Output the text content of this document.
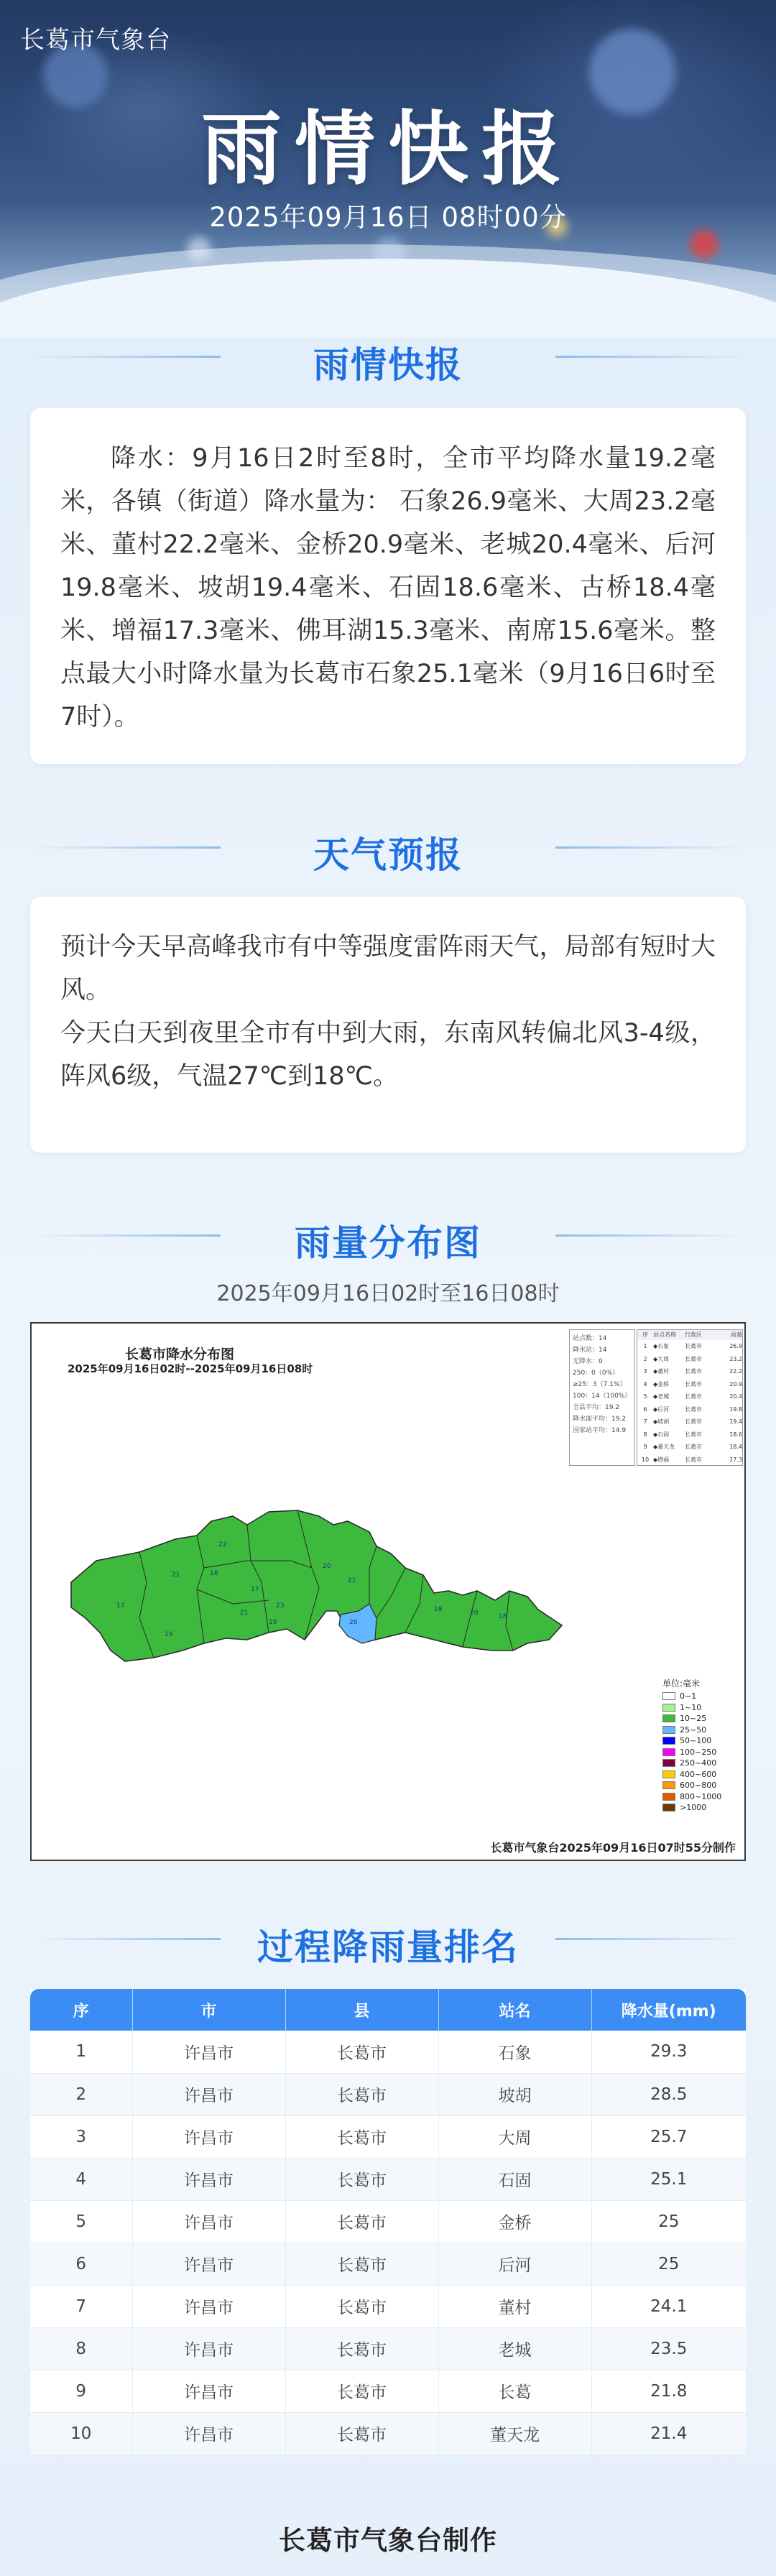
长葛市气象台
雨情快报
2025年09月16日 08时00分
雨情快报

降水：9月16日2时至8时，全市平均降水量19.2毫米，各镇（街道）降水量为： 石象26.9毫米、大周23.2毫米、董村22.2毫米、金桥20.9毫米、老城20.4毫米、后河19.8毫米、坡胡19.4毫米、石固18.6毫米、古桥18.4毫米、增福17.3毫米、佛耳湖15.3毫米、南席15.6毫米。整点最大小时降水量为长葛市石象25.1毫米（9月16日6时至7时）。

天气预报

预计今天早高峰我市有中等强度雷阵雨天气，局部有短时大风。

今天白天到夜里全市有中到大雨，东南风转偏北风3-4级，阵风6级，气温27℃到18℃。

雨量分布图
2025年09月16日02时至16日08时
长葛市降水分布图
2025年09月16日02时--2025年09月16日08时
站点数：14
降水站：14
无降水：0
250：0（0%）
≥25：3（7.1%）
100：14（100%）
全县平均：19.2
降水面平均：19.2
国家站平均：14.9
序 站点名称	行政区	雨量
1	◆石象	长葛市	26.9
2	◆大周	长葛市	23.2
3	◆董村	长葛市	22.2
4	◆金桥	长葛市	20.9
5	◆老城	长葛市	20.4
6	◆后河	长葛市	19.8
7	◆坡胡	长葛市	19.4
8	◆石固	长葛市	18.6
9	◆董天龙	长葛市	18.4
10 ◆增福	长葛市	17.3
17
21
22
18
17
23
20
21
21
19
19
26
18	20	18
单位:毫米
0~1
1~10
10~25
25~50
50~100
100~250
250~400
400~600
600~800
800~1000
>1000
长葛市气象台2025年09月16日07时55分制作
过程降雨量排名
序	市	县	站名	降水量(mm)
1	许昌市	长葛市	石象	29.3
2	许昌市	长葛市	坡胡	28.5
3	许昌市	长葛市	大周	25.7
4	许昌市	长葛市	石固	25.1
5	许昌市	长葛市	金桥	25
6	许昌市	长葛市	后河	25
7	许昌市	长葛市	董村	24.1
8	许昌市	长葛市	老城	23.5
9	许昌市	长葛市	长葛	21.8
10	许昌市	长葛市	董天龙	21.4
长葛市气象台制作
